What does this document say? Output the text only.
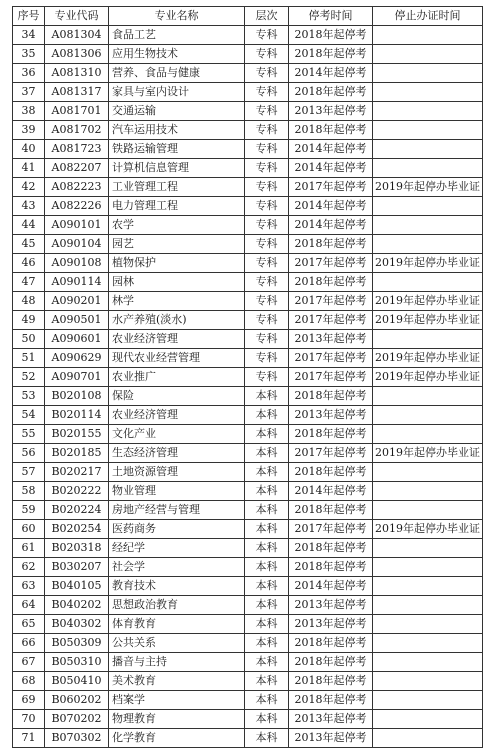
序号	专业代码	专业名称	层次	停考时间	停止办证时间
34	A081304	食品工艺	专科	2018年起停考	
35	A081306	应用生物技术	专科	2018年起停考	
36	A081310	营养、食品与健康	专科	2014年起停考	
37	A081317	家具与室内设计	专科	2018年起停考	
38	A081701	交通运输	专科	2013年起停考	
39	A081702	汽车运用技术	专科	2018年起停考	
40	A081723	铁路运输管理	专科	2014年起停考	
41	A082207	计算机信息管理	专科	2014年起停考	
42	A082223	工业管理工程	专科	2017年起停考	2019年起停办毕业证
43	A082226	电力管理工程	专科	2014年起停考	
44	A090101	农学	专科	2014年起停考	
45	A090104	园艺	专科	2018年起停考	
46	A090108	植物保护	专科	2017年起停考	2019年起停办毕业证
47	A090114	园林	专科	2018年起停考	
48	A090201	林学	专科	2017年起停考	2019年起停办毕业证
49	A090501	水产养殖(淡水)	专科	2017年起停考	2019年起停办毕业证
50	A090601	农业经济管理	专科	2013年起停考	
51	A090629	现代农业经营管理	专科	2017年起停考	2019年起停办毕业证
52	A090701	农业推广	专科	2017年起停考	2019年起停办毕业证
53	B020108	保险	本科	2018年起停考	
54	B020114	农业经济管理	本科	2013年起停考	
55	B020155	文化产业	本科	2018年起停考	
56	B020185	生态经济管理	本科	2017年起停考	2019年起停办毕业证
57	B020217	土地资源管理	本科	2018年起停考	
58	B020222	物业管理	本科	2014年起停考	
59	B020224	房地产经营与管理	本科	2018年起停考	
60	B020254	医药商务	本科	2017年起停考	2019年起停办毕业证
61	B020318	经纪学	本科	2018年起停考	
62	B030207	社会学	本科	2018年起停考	
63	B040105	教育技术	本科	2014年起停考	
64	B040202	思想政治教育	本科	2013年起停考	
65	B040302	体育教育	本科	2013年起停考	
66	B050309	公共关系	本科	2018年起停考	
67	B050310	播音与主持	本科	2018年起停考	
68	B050410	美术教育	本科	2018年起停考	
69	B060202	档案学	本科	2018年起停考	
70	B070202	物理教育	本科	2013年起停考	
71	B070302	化学教育	本科	2013年起停考	
